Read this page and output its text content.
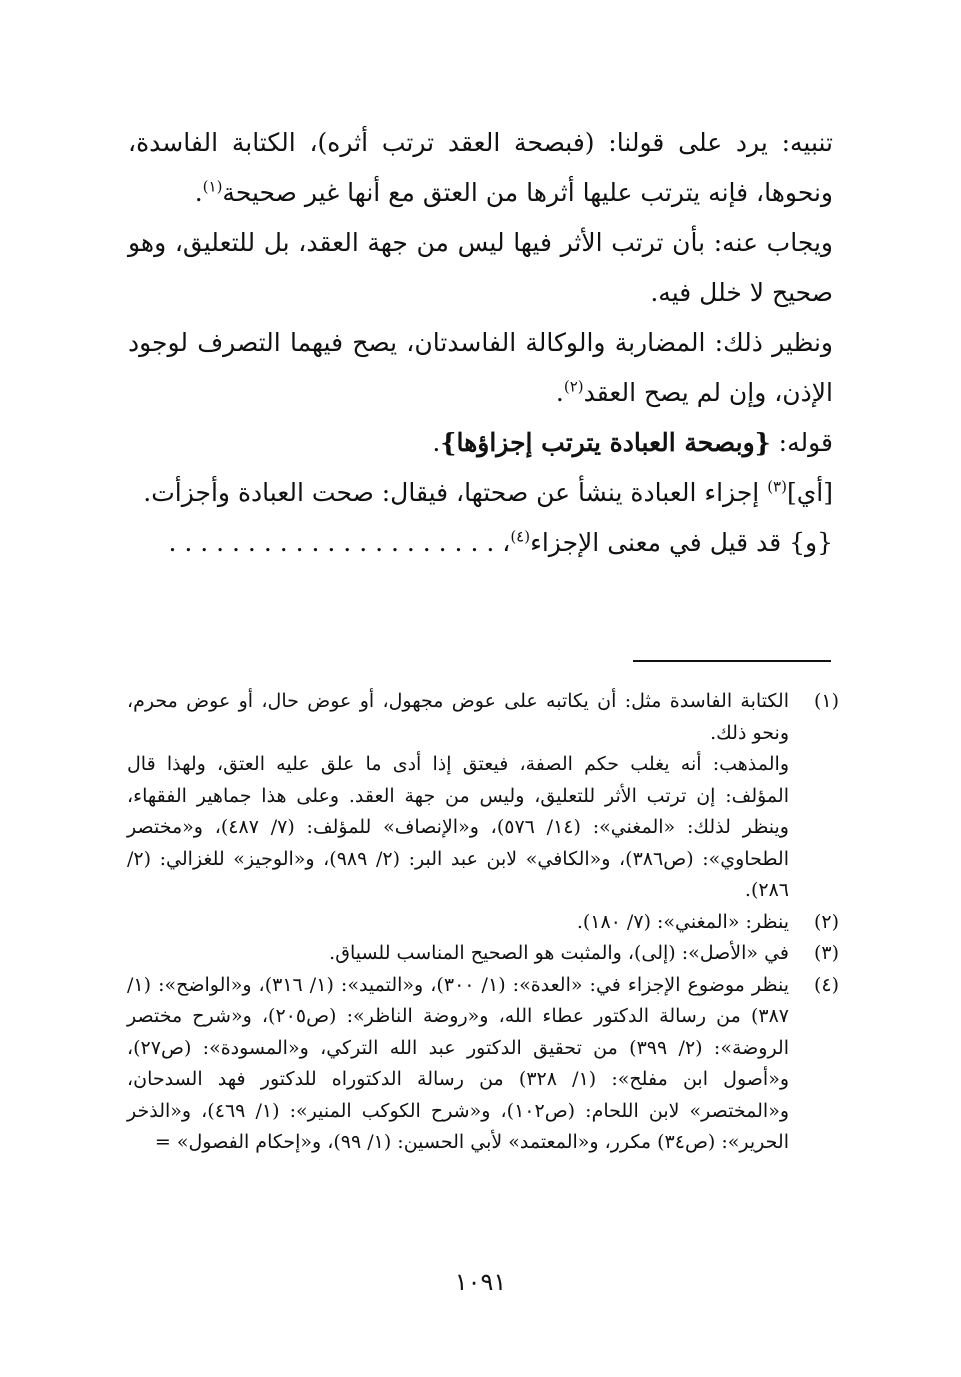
تنبيه: يرد على قولنا: (فبصحة العقد ترتب أثره)، الكتابة الفاسدة، ونحوها، فإنه يترتب عليها أثرها من العتق مع أنها غير صحيحة$^{(١)}$.

ويجاب عنه: بأن ترتب الأثر فيها ليس من جهة العقد، بل للتعليق، وهو صحيح لا خلل فيه.

ونظير ذلك: المضاربة والوكالة الفاسدتان، يصح فيهما التصرف لوجود الإذن، وإن لم يصح العقد$^{(٢)}$.

قوله: {وبصحة العبادة يترتب إجزاؤها}.

[أي]$^{(٣)}$ إجزاء العبادة ينشأ عن صحتها، فيقال: صحت العبادة وأجزأت.

{و} قد قيل في معنى الإجزاء$^{(٤)}$، . . . . . . . . . . . . . . . . . . . . .

(١)

الكتابة الفاسدة مثل: أن يكاتبه على عوض مجهول، أو عوض حال، أو عوض محرم، ونحو ذلك.

والمذهب: أنه يغلب حكم الصفة، فيعتق إذا أدى ما علق عليه العتق، ولهذا قال المؤلف: إن ترتب الأثر للتعليق، وليس من جهة العقد. وعلى هذا جماهير الفقهاء، وينظر لذلك: «المغني»: (١٤/ ٥٧٦)، و«الإنصاف» للمؤلف: (٧/ ٤٨٧)، و«مختصر الطحاوي»: (ص٣٨٦)، و«الكافي» لابن عبد البر: (٢/ ٩٨٩)، و«الوجيز» للغزالي: (٢/ ٢٨٦).

(٢)

ينظر: «المغني»: (٧/ ١٨٠).

(٣)

في «الأصل»: (إلى)، والمثبت هو الصحيح المناسب للسياق.

(٤)

ينظر موضوع الإجزاء في: «العدة»: (١/ ٣٠٠)، و«التميد»: (١/ ٣١٦)، و«الواضح»: (١/ ٣٨٧) من رسالة الدكتور عطاء الله، و«روضة الناظر»: (ص٢٠٥)، و«شرح مختصر الروضة»: (٢/ ٣٩٩) من تحقيق الدكتور عبد الله التركي، و«المسودة»: (ص٢٧)، و«أصول ابن مفلح»: (١/ ٣٢٨) من رسالة الدكتوراه للدكتور فهد السدحان، و«المختصر» لابن اللحام: (ص١٠٢)، و«شرح الكوكب المنير»: (١/ ٤٦٩)، و«الذخر الحرير»: (ص٣٤) مكرر، و«المعتمد» لأبي الحسين: (١/ ٩٩)، و«إحكام الفصول» =

١٠٩١
